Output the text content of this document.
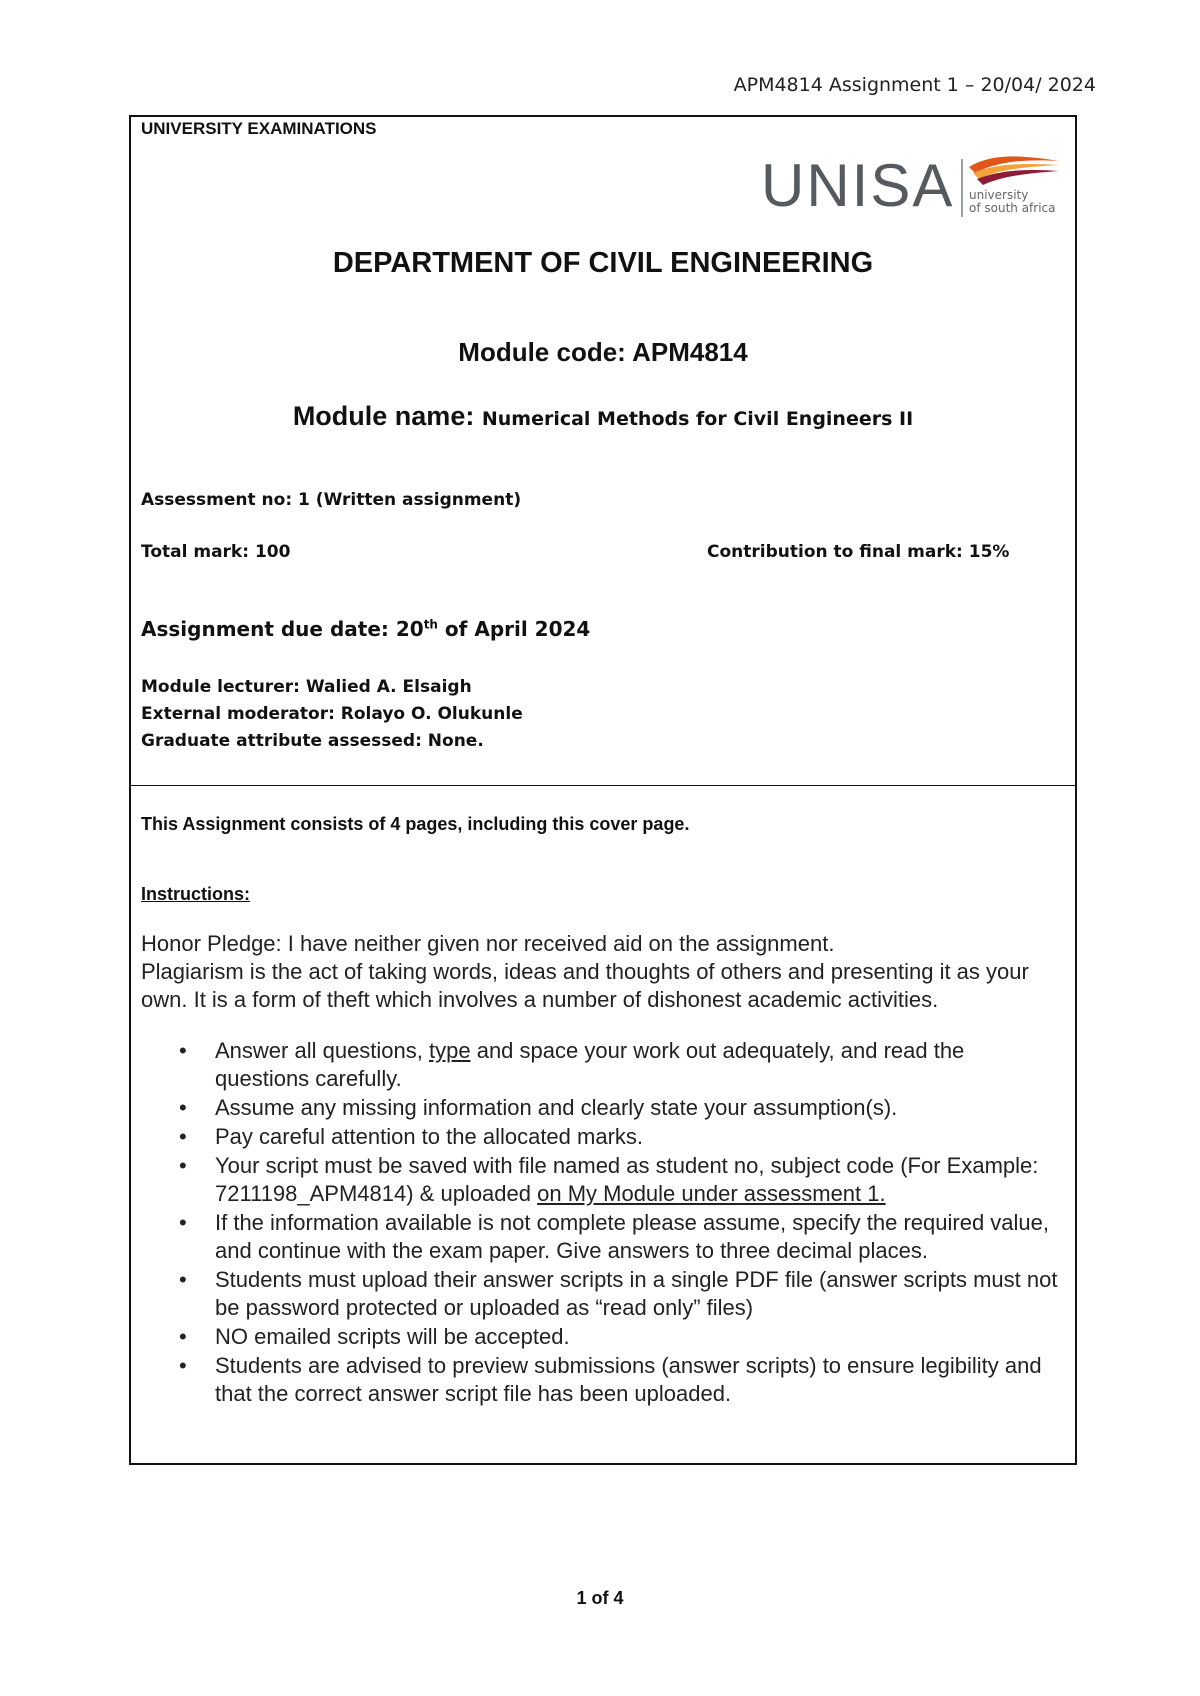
APM4814 Assignment 1 – 20/04/ 2024
UNIVERSITY EXAMINATIONS
UNISA university
of south africa
DEPARTMENT OF CIVIL ENGINEERING
Module code: APM4814
Module name: Numerical Methods for Civil Engineers II
Assessment no: 1 (Written assignment)
Total mark: 100	Contribution to final mark: 15%
Assignment due date: 20th of April 2024
Module lecturer: Walied A. Elsaigh
External moderator: Rolayo O. Olukunle
Graduate attribute assessed: None.
This Assignment consists of 4 pages, including this cover page.
Instructions:
Honor Pledge: I have neither given nor received aid on the assignment.
Plagiarism is the act of taking words, ideas and thoughts of others and presenting it as your own. It is a form of theft which involves a number of dishonest academic activities.
• Answer all questions, type and space your work out adequately, and read the questions carefully.
• Assume any missing information and clearly state your assumption(s).
• Pay careful attention to the allocated marks.
• Your script must be saved with file named as student no, subject code (For Example: 7211198_APM4814) & uploaded on My Module under assessment 1.
• If the information available is not complete please assume, specify the required value, and continue with the exam paper. Give answers to three decimal places.
• Students must upload their answer scripts in a single PDF file (answer scripts must not be password protected or uploaded as “read only” files)
• NO emailed scripts will be accepted.
• Students are advised to preview submissions (answer scripts) to ensure legibility and that the correct answer script file has been uploaded.
1 of 4
